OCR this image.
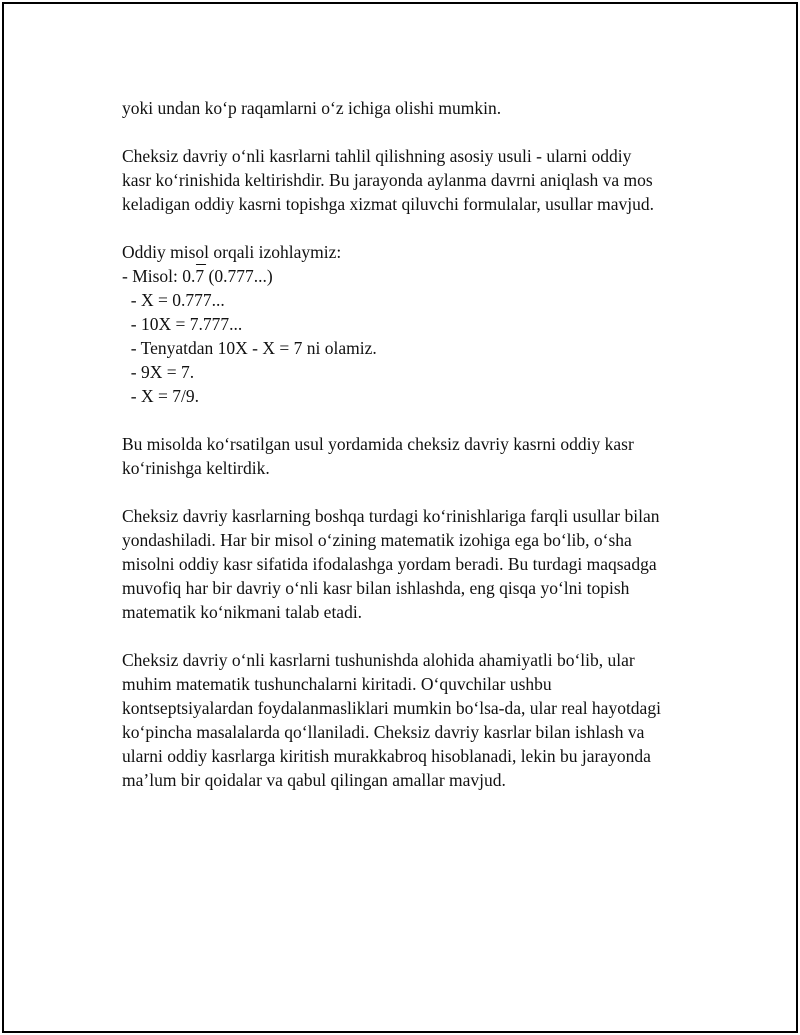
yoki undan ko‘p raqamlarni o‘z ichiga olishi mumkin.

Cheksiz davriy o‘nli kasrlarni tahlil qilishning asosiy usuli - ularni oddiy
kasr ko‘rinishida keltirishdir. Bu jarayonda aylanma davrni aniqlash va mos
keladigan oddiy kasrni topishga xizmat qiluvchi formulalar, usullar mavjud.

Oddiy misol orqali izohlaymiz:
- Misol: 0.7 (0.777...)
- X = 0.777...
- 10X = 7.777...
- Tenyatdan 10X - X = 7 ni olamiz.
- 9X = 7.
- X = 7/9.

Bu misolda ko‘rsatilgan usul yordamida cheksiz davriy kasrni oddiy kasr
ko‘rinishga keltirdik.

Cheksiz davriy kasrlarning boshqa turdagi ko‘rinishlariga farqli usullar bilan
yondashiladi. Har bir misol o‘zining matematik izohiga ega bo‘lib, o‘sha
misolni oddiy kasr sifatida ifodalashga yordam beradi. Bu turdagi maqsadga
muvofiq har bir davriy o‘nli kasr bilan ishlashda, eng qisqa yo‘lni topish
matematik ko‘nikmani talab etadi.

Cheksiz davriy o‘nli kasrlarni tushunishda alohida ahamiyatli bo‘lib, ular
muhim matematik tushunchalarni kiritadi. O‘quvchilar ushbu
kontseptsiyalardan foydalanmasliklari mumkin bo‘lsa-da, ular real hayotdagi
ko‘pincha masalalarda qo‘llaniladi. Cheksiz davriy kasrlar bilan ishlash va
ularni oddiy kasrlarga kiritish murakkabroq hisoblanadi, lekin bu jarayonda
ma’lum bir qoidalar va qabul qilingan amallar mavjud.
